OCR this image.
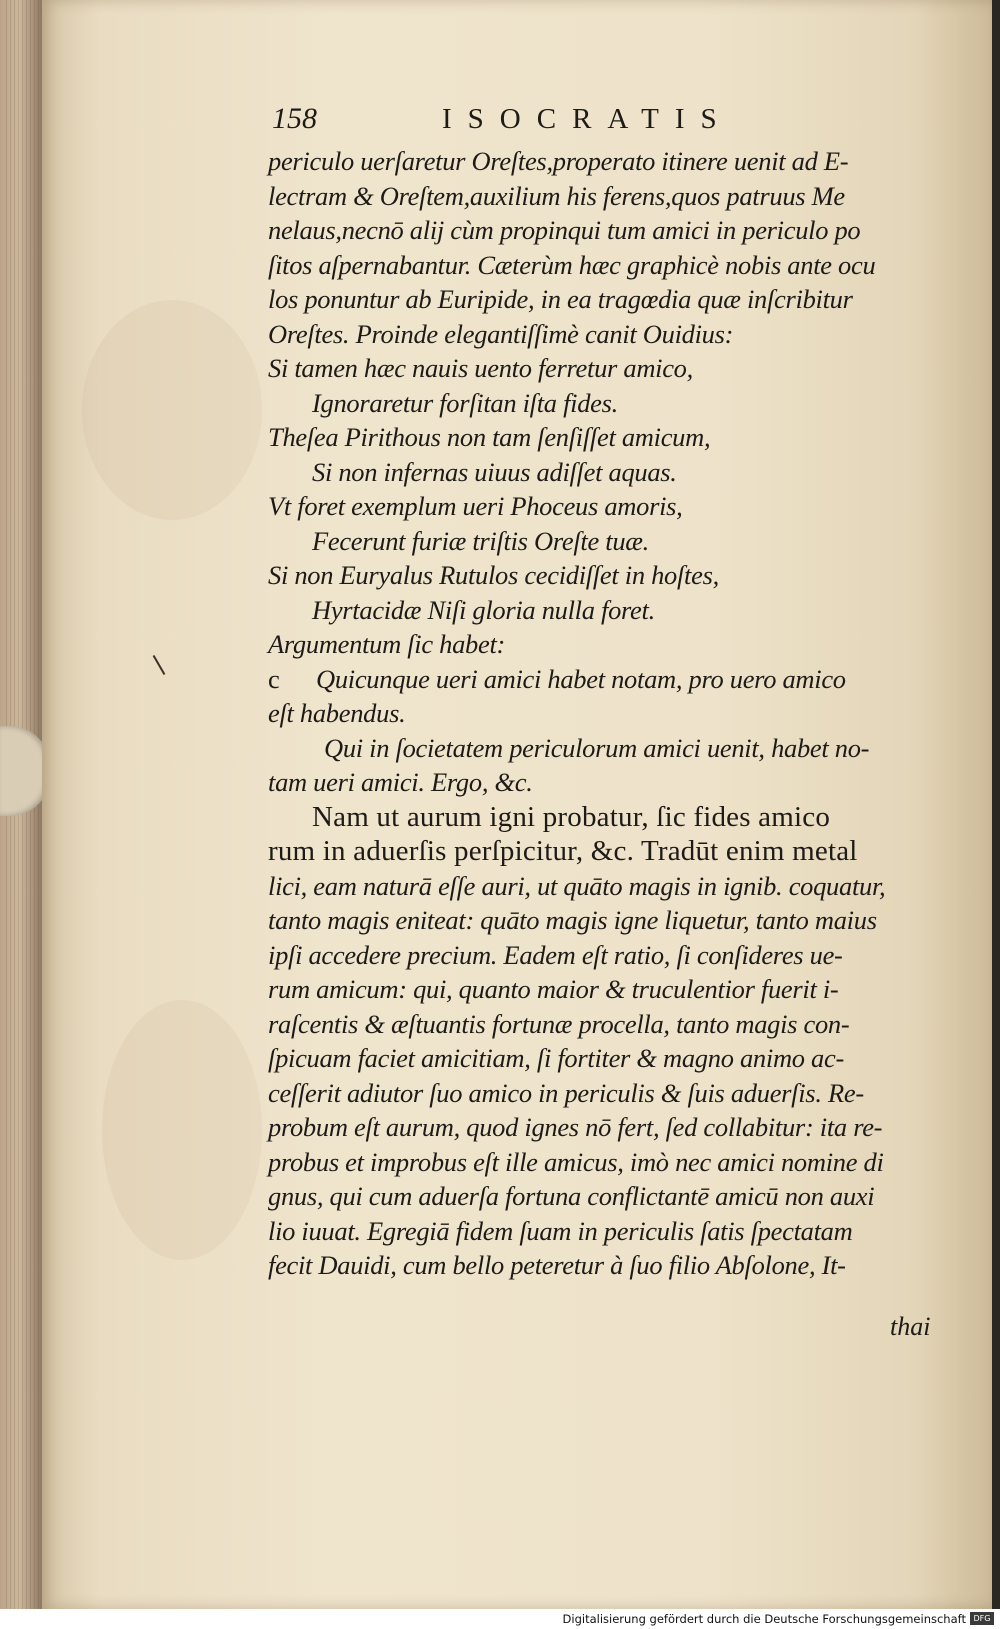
158	ISOCRATIS
periculo uerſaretur Oreſtes,properato itinere uenit ad E-
lectram & Oreſtem,auxilium his ferens,quos patruus Me
nelaus,necnō alij cùm propinqui tum amici in periculo po
ſitos aſpernabantur. Cæterùm hæc graphicè nobis ante ocu
los ponuntur ab Euripide, in ea tragœdia quæ inſcribitur
Oreſtes. Proinde elegantiſſimè canit Ouidius:
Si tamen hæc nauis uento ferretur amico,
Ignoraretur forſitan iſta fides.
Theſea Pirithous non tam ſenſiſſet amicum,
Si non infernas uiuus adiſſet aquas.
Vt foret exemplum ueri Phoceus amoris,
Fecerunt furiæ triſtis Oreſte tuæ.
Si non Euryalus Rutulos cecidiſſet in hoſtes,
Hyrtacidæ Niſi gloria nulla foret.
Argumentum ſic habet:
c Quicunque ueri amici habet notam, pro uero amico
eſt habendus.
Qui in ſocietatem periculorum amici uenit, habet no-
tam ueri amici. Ergo, &c.
Nam ut aurum igni probatur, ſic fides amico
rum in aduerſis perſpicitur, &c. Tradūt enim metal
lici, eam naturā eſſe auri, ut quāto magis in ignib. coquatur,
tanto magis eniteat: quāto magis igne liquetur, tanto maius
ipſi accedere precium. Eadem eſt ratio, ſi conſideres ue-
rum amicum: qui, quanto maior & truculentior fuerit i-
raſcentis & æſtuantis fortunæ procella, tanto magis con-
ſpicuam faciet amicitiam, ſi fortiter & magno animo ac-
ceſſerit adiutor ſuo amico in periculis & ſuis aduerſis. Re-
probum eſt aurum, quod ignes nō fert, ſed collabitur: ita re-
probus et improbus eſt ille amicus, imò nec amici nomine di
gnus, qui cum aduerſa fortuna conflictantē amicū non auxi
lio iuuat. Egregiā fidem ſuam in periculis ſatis ſpectatam
fecit Dauidi, cum bello peteretur à ſuo filio Abſolone, It-
thai
Digitalisierung gefördert durch die Deutsche Forschungsgemeinschaft DFG
